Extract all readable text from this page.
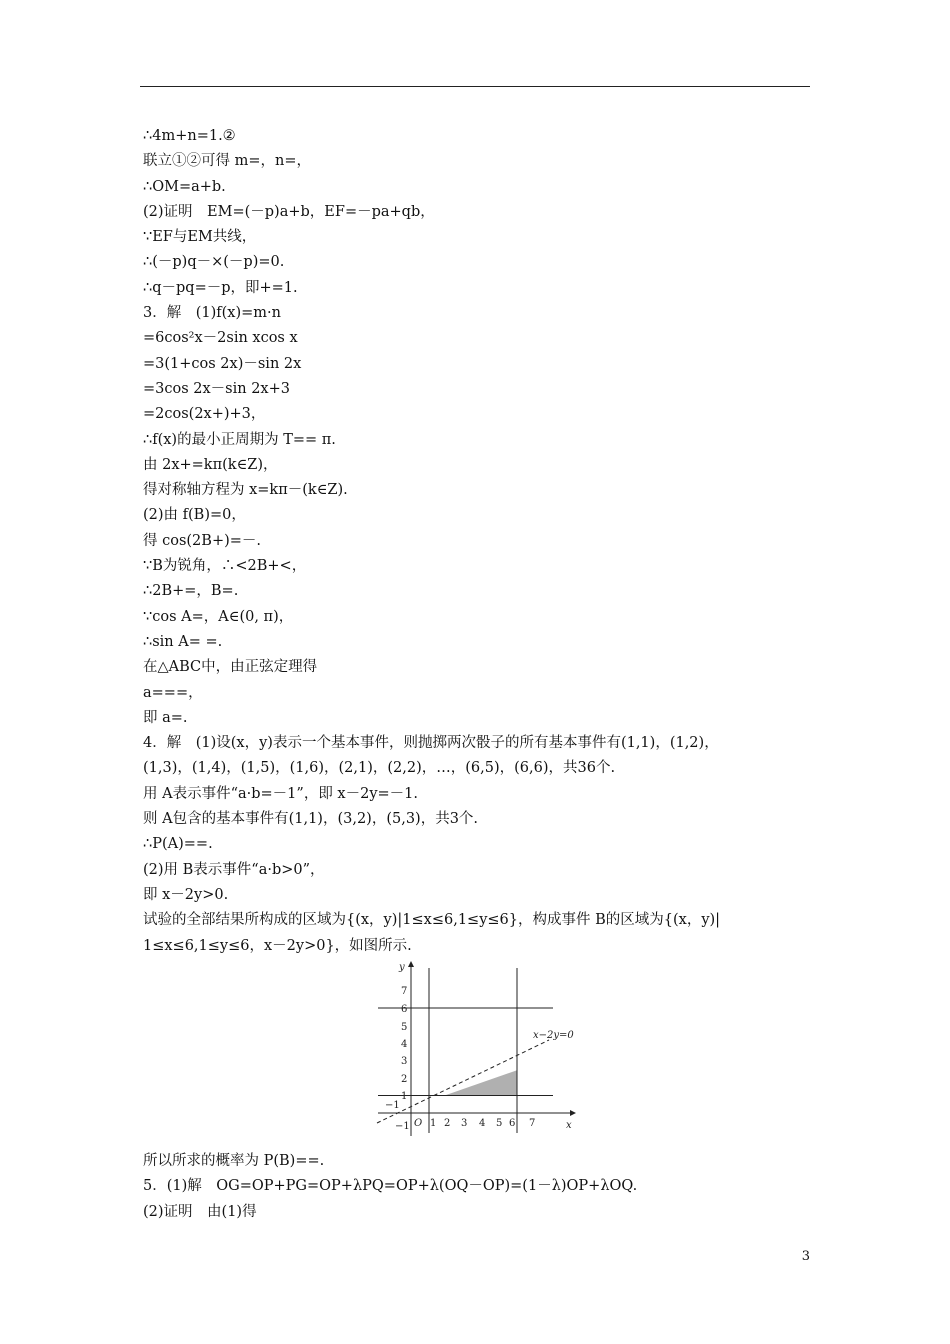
∴4m+n=1.②
联立①②可得 m=，n=，
∴OM=a+b.
(2)证明　EM=(－p)a+b，EF=－pa+qb，
∵EF与EM共线，
∴(－p)q－×(－p)=0.
∴q－pq=－p，即+=1.
3．解　(1)f(x)=m·n
=6cos²x－2sin xcos x
=3(1+cos 2x)－sin 2x
=3cos 2x－sin 2x+3
=2cos(2x+)+3，
∴f(x)的最小正周期为 T== π.
由 2x+=kπ(k∈Z)，
得对称轴方程为 x=kπ－(k∈Z).
(2)由 f(B)=0，
得 cos(2B+)=－.
∵B为锐角，∴<2B+<，
∴2B+=，B=.
∵cos A=，A∈(0, π)，
∴sin A= =.
在△ABC中，由正弦定理得
a===，
即 a=.
4．解　(1)设(x，y)表示一个基本事件，则抛掷两次骰子的所有基本事件有(1,1)，(1,2)，
(1,3)，(1,4)，(1,5)，(1,6)，(2,1)，(2,2)，…，(6,5)，(6,6)，共36个.
用 A表示事件“a·b=－1”，即 x－2y=－1.
则 A包含的基本事件有(1,1)，(3,2)，(5,3)，共3个.
∴P(A)==.
(2)用 B表示事件“a·b>0”，
即 x－2y>0.
试验的全部结果所构成的区域为{(x，y)|1≤x≤6,1≤y≤6}，构成事件 B的区域为{(x，y)|
1≤x≤6,1≤y≤6，x－2y>0}，如图所示.
x−2y=0
y
x
O
−1
1 2 3 4 5 6 7
7
6
5
4
3
2
1
−1
所以所求的概率为 P(B)==.
5．(1)解　OG=OP+PG=OP+λPQ=OP+λ(OQ－OP)=(1－λ)OP+λOQ.
(2)证明　由(1)得
3
